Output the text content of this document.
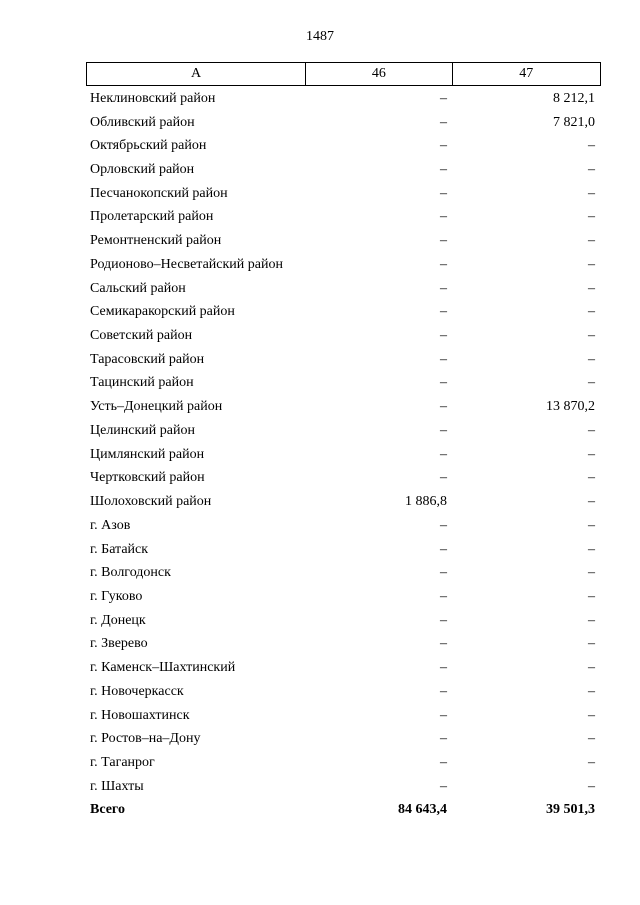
1487
А	46	47
Неклиновский район	–	8 212,1
Обливский район	–	7 821,0
Октябрьский район	–	–
Орловский район	–	–
Песчанокопский район	–	–
Пролетарский район	–	–
Ремонтненский район	–	–
Родионово–Несветайский район	–	–
Сальский район	–	–
Семикаракорский район	–	–
Советский район	–	–
Тарасовский район	–	–
Тацинский район	–	–
Усть–Донецкий район	–	13 870,2
Целинский район	–	–
Цимлянский район	–	–
Чертковский район	–	–
Шолоховский район	1 886,8	–
г. Азов	–	–
г. Батайск	–	–
г. Волгодонск	–	–
г. Гуково	–	–
г. Донецк	–	–
г. Зверево	–	–
г. Каменск–Шахтинский	–	–
г. Новочеркасск	–	–
г. Новошахтинск	–	–
г. Ростов–на–Дону	–	–
г. Таганрог	–	–
г. Шахты	–	–
Всего	84 643,4	39 501,3
